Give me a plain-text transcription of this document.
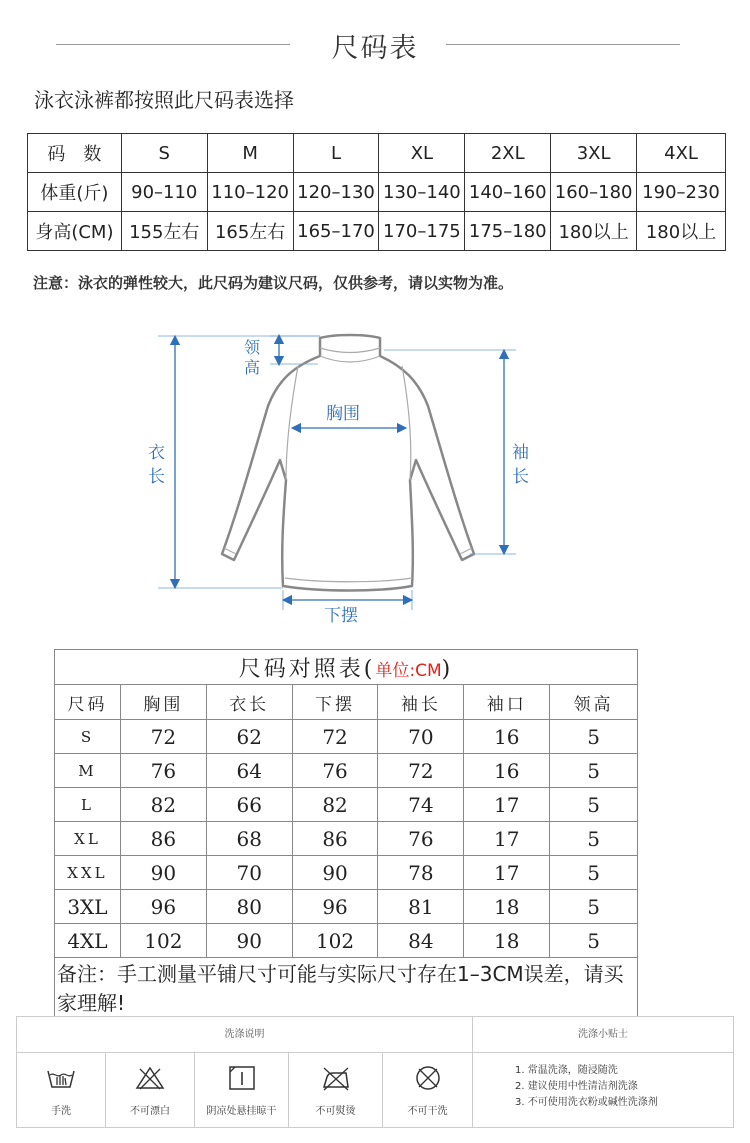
尺码表
泳衣泳裤都按照此尺码表选择
码　数	S	M	L	XL	2XL	3XL	4XL
体重(斤)	90–110	110–120	120–130	130–140	140–160	160–180	190–230
身高(CM)	155左右	165左右	165–170	170–175	175–180	180以上	180以上
注意：泳衣的弹性较大，此尺码为建议尺码，仅供参考，请以实物为准。
领
高
胸围
衣
长
袖
长
下摆
尺码对照表(单位:CM)						
尺码	胸围	衣长	下摆	袖长	袖口	领高
S	72	62	72	70	16	5
M	76	64	76	72	16	5
L	82	66	82	74	17	5
XL	86	68	86	76	17	5
XXL	90	70	90	78	17	5
3XL	96	80	96	81	18	5
4XL	102	90	102	84	18	5
备注：手工测量平铺尺寸可能与实际尺寸存在1–3CM误差，请买家理解!						
洗涤说明	洗涤小贴士
手洗	不可漂白	阴凉处悬挂晾干	不可熨烫	不可干洗
1. 常温洗涤，随浸随洗
2. 建议使用中性清洁剂洗涤
3. 不可使用洗衣粉或碱性洗涤剂
